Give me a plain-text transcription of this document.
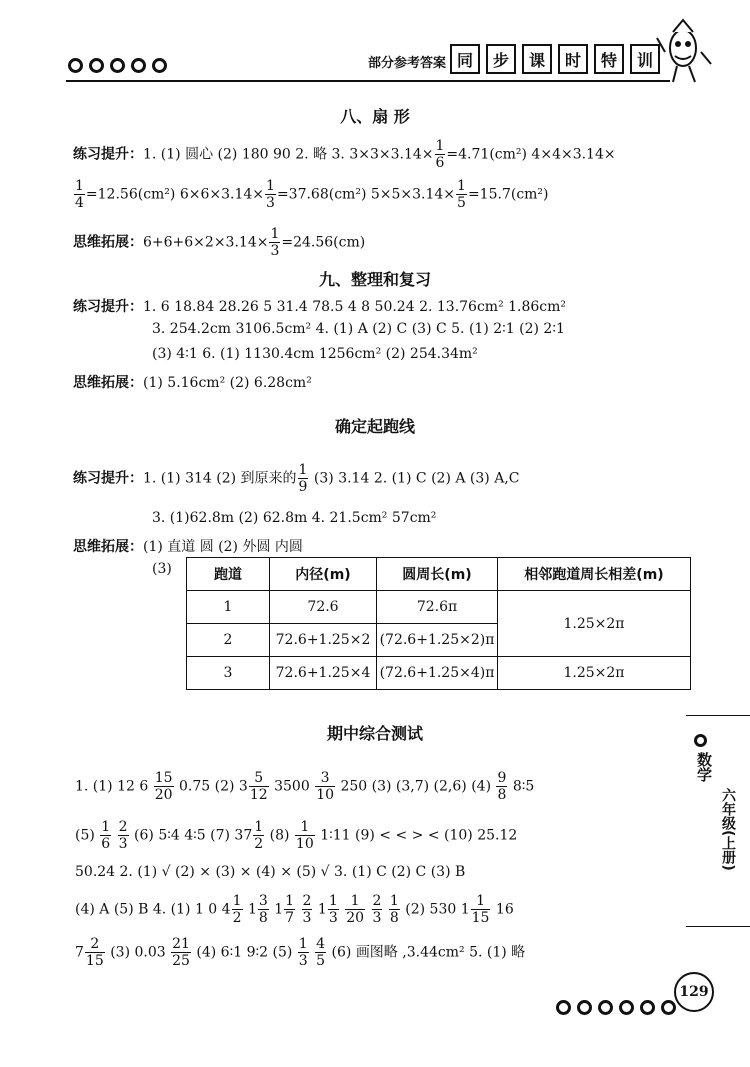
部分参考答案 同	步	课	时	特	训
八、扇 形
练习提升：1. (1) 圆心 (2) 180 90 2. 略 3. $3\times 3\times 3.14\times \frac{1}{6} =4.71(cm^2)$ 4×4×3.14×
$\frac{1}{4} =12.56(cm^2)$ $6\times 6\times 3.14\times \frac{1}{3} =37.68(cm^2)$ $5\times 5\times 3.14\times \frac{1}{5} =15.7(cm^2)$
思维拓展：$6+6+6\times 2\times 3.14\times \frac{1}{3} =24.56(cm)$
九、整理和复习
练习提升：1. 6 18.84 28.26 5 31.4 78.5 4 8 50.24 2. 13.76cm² 1.86cm²
3. 254.2cm 3106.5cm² 4. (1) A (2) C (3) C 5. (1) 2∶1 (2) 2∶1
(3) 4∶1 6. (1) 1130.4cm 1256cm² (2) 254.34m²
思维拓展：(1) 5.16cm² (2) 6.28cm²
确定起跑线
练习提升：1. (1) 314 (2) 到原来的 $\frac{1}{9} (3)$ 3.14 2. (1) C (2) A (3) A,C
3. (1)62.8m (2) 62.8m 4. 21.5cm² 57cm²
思维拓展：(1) 直道 圆 (2) 外圆 内圆
(3)	跑道	内径(m)	圆周长(m)	相邻跑道周长相差(m)
1	72.6	72.6π	1.25×2π
2	72.6+1.25×2	(72.6+1.25×2)π	
3	72.6+1.25×4	(72.6+1.25×4)π	1.25×2π
期中综合测试
1. (1) 12 $6 \frac{15}{20} 0.75$ (2) $3 \frac{5}{12} 3500 \frac{3}{10} 250$ (3) (3,7) (2,6) $(4) \frac{9}{8}$ 8∶5
$(5) \frac{1}{6}$
$\frac{2}{3} (6)$ 5∶4 4∶5 (7) $37 \frac{1}{2} (8) \frac{1}{10}$ 1∶11 (9) < < > < (10) 25.12
50.24 2. (1) √ (2) × (3) × (4) × (5) √ 3. (1) C (2) C (3) B
(4) A (5) B 4. (1) 1 0 $4 \frac{1}{2} 1 \frac{3}{8} 1 \frac{1}{7}$
$\frac{2}{3} 1 \frac{1}{3}$
$\frac{1}{20}$
$\frac{2}{3}$
$\frac{1}{8} (2)$ 530 $1 \frac{1}{15} 16$
$7 \frac{2}{15} (3)$ $0.03 \frac{21}{25} (4)$ 6∶1 9∶2 $(5) \frac{1}{3}$
$\frac{4}{5} (6)$ 画图略 ,3.44cm² 5. (1) 略
数学
六年级(上册)
129
